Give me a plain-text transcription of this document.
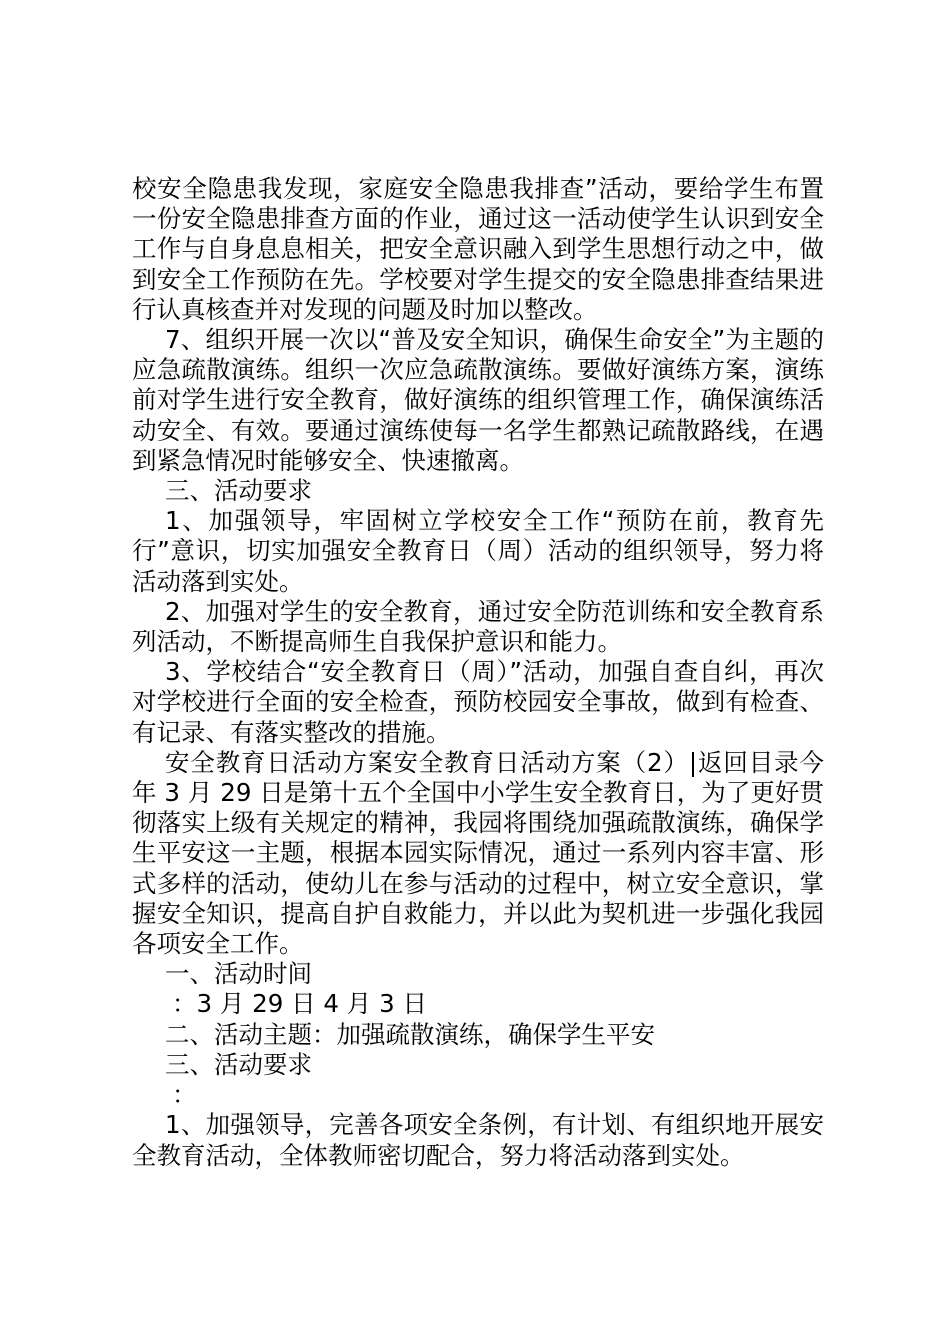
校安全隐患我发现，家庭安全隐患我排查”活动，要给学生布置一份安全隐患排查方面的作业，通过这一活动使学生认识到安全工作与自身息息相关，把安全意识融入到学生思想行动之中，做到安全工作预防在先。学校要对学生提交的安全隐患排查结果进行认真核查并对发现的问题及时加以整改。

7、组织开展一次以“普及安全知识，确保生命安全”为主题的应急疏散演练。组织一次应急疏散演练。要做好演练方案，演练前对学生进行安全教育，做好演练的组织管理工作，确保演练活动安全、有效。要通过演练使每一名学生都熟记疏散路线，在遇到紧急情况时能够安全、快速撤离。

三、活动要求

1、加强领导，牢固树立学校安全工作“预防在前，教育先行”意识，切实加强安全教育日（周）活动的组织领导，努力将活动落到实处。

2、加强对学生的安全教育，通过安全防范训练和安全教育系列活动，不断提高师生自我保护意识和能力。

3、学校结合“安全教育日（周）”活动，加强自查自纠，再次对学校进行全面的安全检查，预防校园安全事故，做到有检查、有记录、有落实整改的措施。

安全教育日活动方案安全教育日活动方案（2）|返回目录今年 3 月 29 日是第十五个全国中小学生安全教育日，为了更好贯彻落实上级有关规定的精神，我园将围绕加强疏散演练，确保学生平安这一主题，根据本园实际情况，通过一系列内容丰富、形式多样的活动，使幼儿在参与活动的过程中，树立安全意识，掌握安全知识，提高自护自救能力，并以此为契机进一步强化我园各项安全工作。

一、活动时间

：3 月 29 日 4 月 3 日

二、活动主题：加强疏散演练，确保学生平安

三、活动要求

：

1、加强领导，完善各项安全条例，有计划、有组织地开展安全教育活动，全体教师密切配合，努力将活动落到实处。
